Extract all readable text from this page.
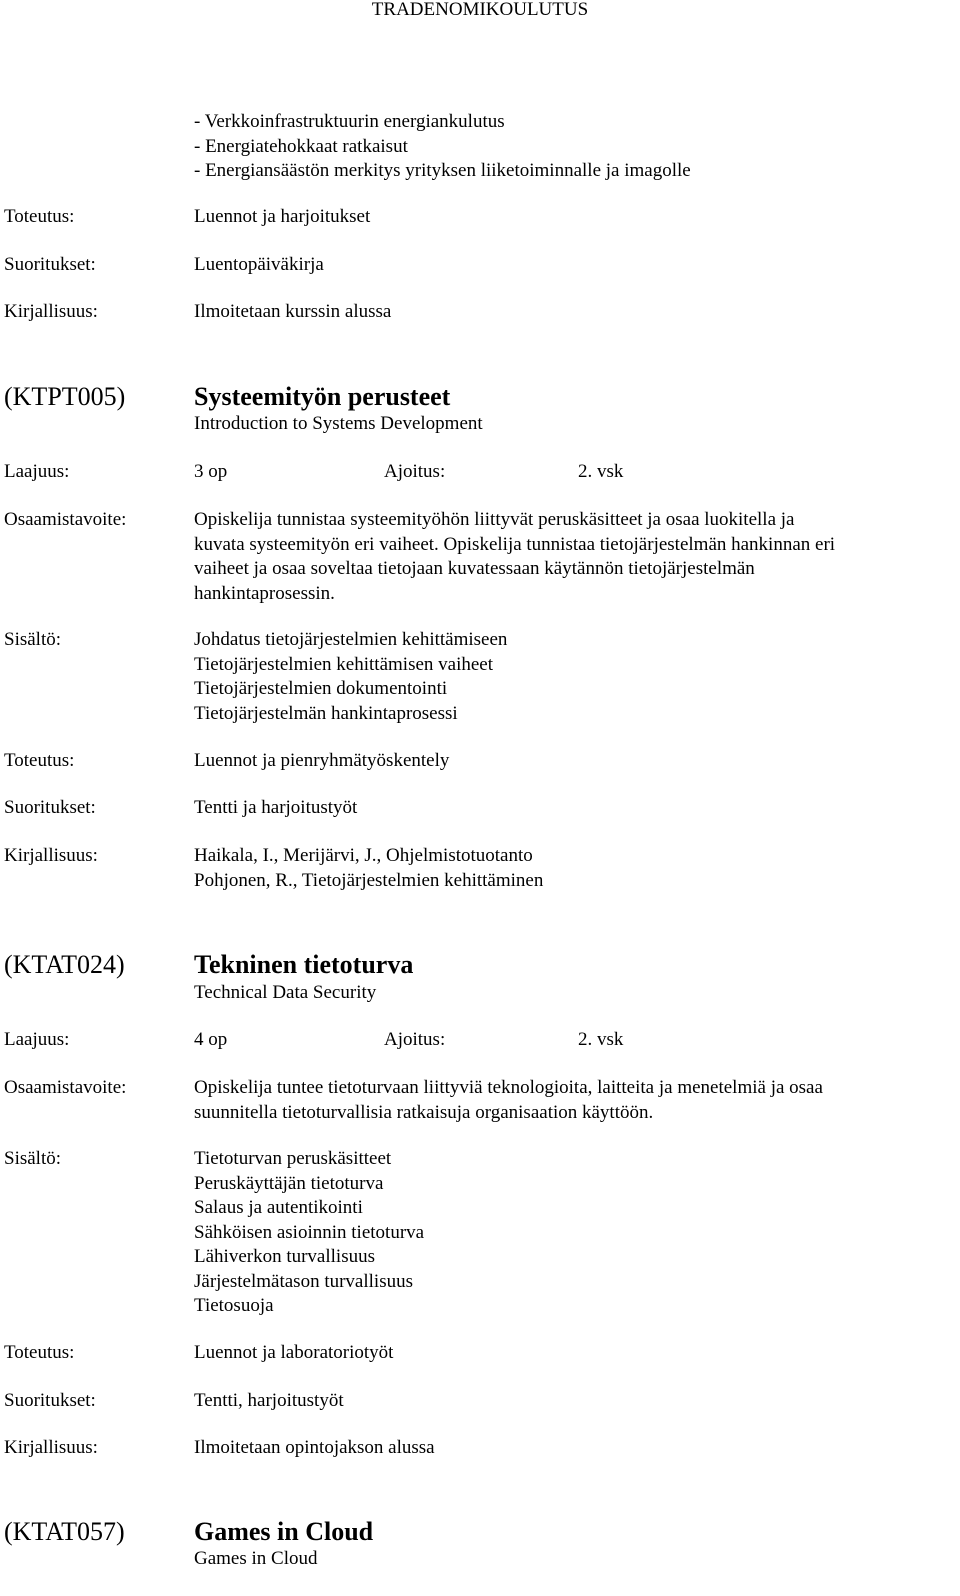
TRADENOMIKOULUTUS
- Verkkoinfrastruktuurin energiankulutus
- Energiatehokkaat ratkaisut
- Energiansäästön merkitys yrityksen liiketoiminnalle ja imagolle
Toteutus:	Luennot ja harjoitukset
Suoritukset:	Luentopäiväkirja
Kirjallisuus:	Ilmoitetaan kurssin alussa
(KTPT005)	Systeemityön perusteet
Introduction to Systems Development
Laajuus:	3 op	Ajoitus:	2. vsk
Osaamistavoite:	Opiskelija tunnistaa systeemityöhön liittyvät peruskäsitteet ja osaa luokitella ja
kuvata systeemityön eri vaiheet. Opiskelija tunnistaa tietojärjestelmän hankinnan eri
vaiheet ja osaa soveltaa tietojaan kuvatessaan käytännön tietojärjestelmän
hankintaprosessin.
Sisältö:	Johdatus tietojärjestelmien kehittämiseen
Tietojärjestelmien kehittämisen vaiheet
Tietojärjestelmien dokumentointi
Tietojärjestelmän hankintaprosessi
Toteutus:	Luennot ja pienryhmätyöskentely
Suoritukset:	Tentti ja harjoitustyöt
Kirjallisuus:	Haikala, I., Merijärvi, J., Ohjelmistotuotanto
Pohjonen, R., Tietojärjestelmien kehittäminen
(KTAT024)	Tekninen tietoturva
Technical Data Security
Laajuus:	4 op	Ajoitus:	2. vsk
Osaamistavoite:	Opiskelija tuntee tietoturvaan liittyviä teknologioita, laitteita ja menetelmiä ja osaa
suunnitella tietoturvallisia ratkaisuja organisaation käyttöön.
Sisältö:	Tietoturvan peruskäsitteet
Peruskäyttäjän tietoturva
Salaus ja autentikointi
Sähköisen asioinnin tietoturva
Lähiverkon turvallisuus
Järjestelmätason turvallisuus
Tietosuoja
Toteutus:	Luennot ja laboratoriotyöt
Suoritukset:	Tentti, harjoitustyöt
Kirjallisuus:	Ilmoitetaan opintojakson alussa
(KTAT057)	Games in Cloud
Games in Cloud
